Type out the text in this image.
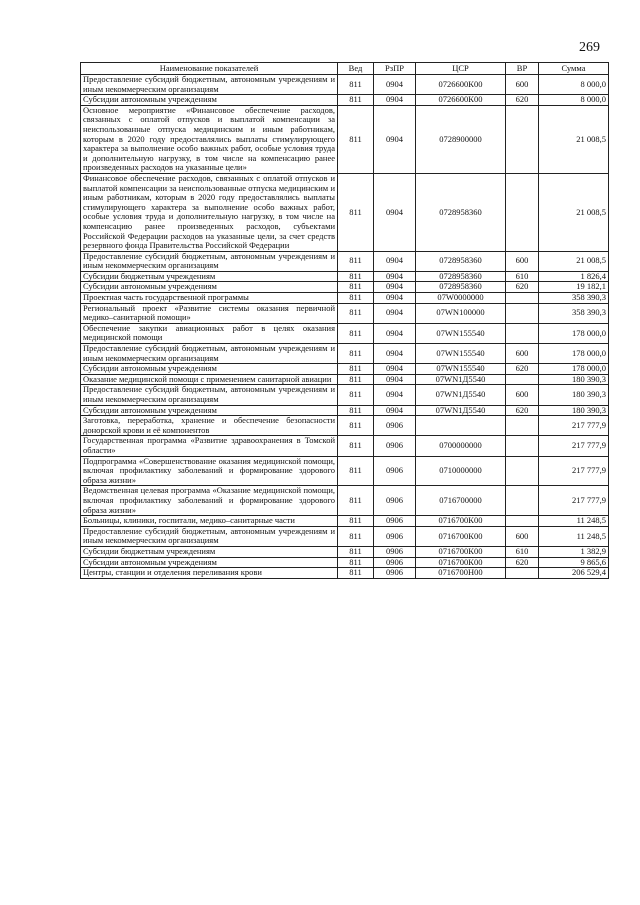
269
Наименование показателей	Вед	РзПР	ЦСР	ВР	Сумма
Предоставление субсидий бюджетным, автономным учреждениям и иным некоммерческим организациям	811	0904	0726600К00	600	8 000,0
Субсидии автономным учреждениям	811	0904	0726600К00	620	8 000,0
Основное мероприятие «Финансовое обеспечение расходов, связанных с оплатой отпусков и выплатой компенсации за неиспользованные отпуска медицинским и иным работникам, которым в 2020 году предоставлялись выплаты стимулирующего характера за выполнение особо важных работ, особые условия труда и дополнительную нагрузку, в том числе на компенсацию ранее произведенных расходов на указанные цели»	811	0904	0728900000		21 008,5
Финансовое обеспечение расходов, связанных с оплатой отпусков и выплатой компенсации за неиспользованные отпуска медицинским и иным работникам, которым в 2020 году предоставлялись выплаты стимулирующего характера за выполнение особо важных работ, особые условия труда и дополнительную нагрузку, в том числе на компенсацию ранее произведенных расходов, субъектами Российской Федерации расходов на указанные цели, за счет средств резервного фонда Правительства Российской Федерации	811	0904	0728958360		21 008,5
Предоставление субсидий бюджетным, автономным учреждениям и иным некоммерческим организациям	811	0904	0728958360	600	21 008,5
Субсидии бюджетным учреждениям	811	0904	0728958360	610	1 826,4
Субсидии автономным учреждениям	811	0904	0728958360	620	19 182,1
Проектная часть государственной программы	811	0904	07W0000000		358 390,3
Региональный проект «Развитие системы оказания первичной медико–санитарной помощи»	811	0904	07WN100000		358 390,3
Обеспечение закупки авиационных работ в целях оказания медицинской помощи	811	0904	07WN155540		178 000,0
Предоставление субсидий бюджетным, автономным учреждениям и иным некоммерческим организациям	811	0904	07WN155540	600	178 000,0
Субсидии автономным учреждениям	811	0904	07WN155540	620	178 000,0
Оказание медицинской помощи с применением санитарной авиации	811	0904	07WN1Д5540		180 390,3
Предоставление субсидий бюджетным, автономным учреждениям и иным некоммерческим организациям	811	0904	07WN1Д5540	600	180 390,3
Субсидии автономным учреждениям	811	0904	07WN1Д5540	620	180 390,3
Заготовка, переработка, хранение и обеспечение безопасности донорской крови и её компонентов	811	0906			217 777,9
Государственная программа «Развитие здравоохранения в Томской области»	811	0906	0700000000		217 777,9
Подпрограмма «Совершенствование оказания медицинской помощи, включая профилактику заболеваний и формирование здорового образа жизни»	811	0906	0710000000		217 777,9
Ведомственная целевая программа «Оказание медицинской помощи, включая профилактику заболеваний и формирование здорового образа жизни»	811	0906	0716700000		217 777,9
Больницы, клиники, госпитали, медико–санитарные части	811	0906	0716700К00		11 248,5
Предоставление субсидий бюджетным, автономным учреждениям и иным некоммерческим организациям	811	0906	0716700К00	600	11 248,5
Субсидии бюджетным учреждениям	811	0906	0716700К00	610	1 382,9
Субсидии автономным учреждениям	811	0906	0716700К00	620	9 865,6
Центры, станции и отделения переливания крови	811	0906	0716700Н00		206 529,4
